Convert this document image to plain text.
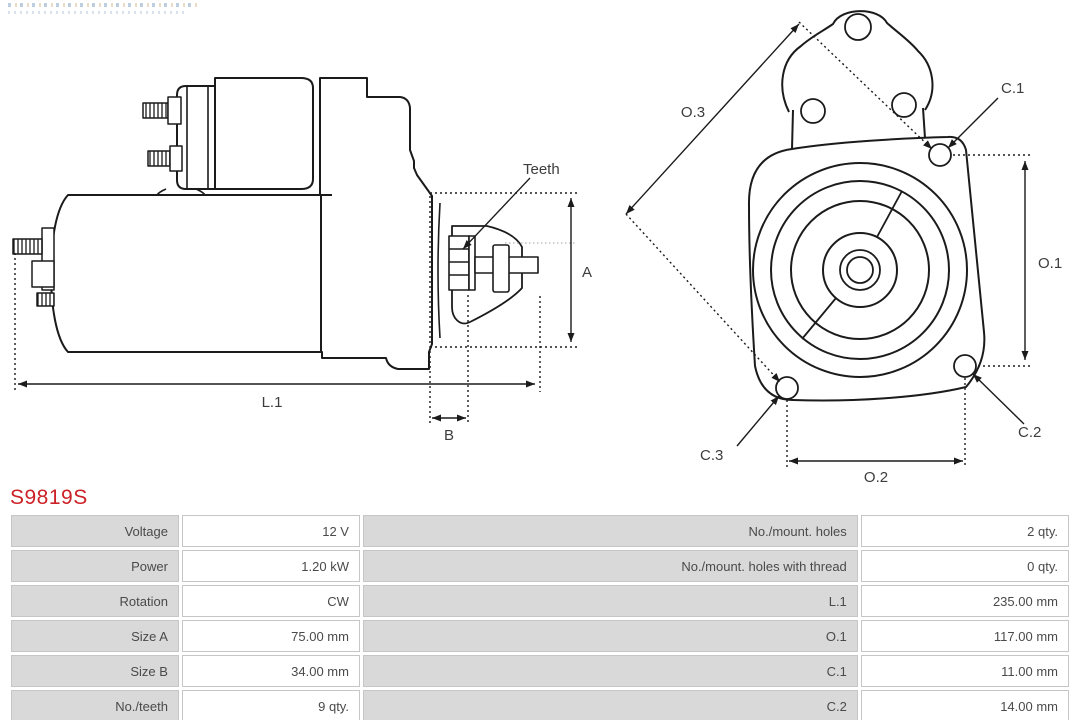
Teeth
A
B
L.1
O.3
C.1
O.1
C.2
C.3
O.2
S9819S
Voltage	12 V	No./mount. holes	2 qty.
Power	1.20 kW	No./mount. holes with thread	0 qty.
Rotation	CW	L.1	235.00 mm
Size A	75.00 mm	O.1	117.00 mm
Size B	34.00 mm	C.1	11.00 mm
No./teeth	9 qty.	C.2	14.00 mm
